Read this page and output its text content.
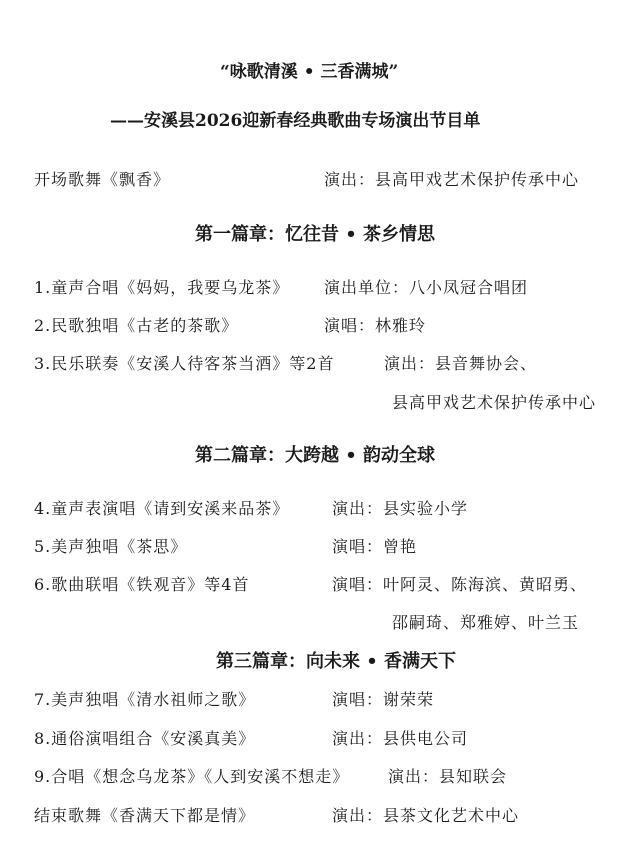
“咏歌清溪 • 三香满城”
——安溪县2026迎新春经典歌曲专场演出节目单
开场歌舞《飘香》	演出：县高甲戏艺术保护传承中心
第一篇章：忆往昔 • 茶乡情思
1.童声合唱《妈妈，我要乌龙茶》 演出单位：八小凤冠合唱团
2.民歌独唱《古老的茶歌》	演唱：林雅玲
3.民乐联奏《安溪人待客茶当酒》等2首	演出：县音舞协会、
县高甲戏艺术保护传承中心
第二篇章：大跨越 • 韵动全球
4.童声表演唱《请到安溪来品茶》	演出：县实验小学
5.美声独唱《茶思》	演唱：曾艳
6.歌曲联唱《铁观音》等4首	演唱：叶阿灵、陈海滨、黄昭勇、
邵嗣琦、郑雅婷、叶兰玉
第三篇章：向未来 • 香满天下
7.美声独唱《清水祖师之歌》	演唱：谢荣荣
8.通俗演唱组合《安溪真美》	演出：县供电公司
9.合唱《想念乌龙茶》《人到安溪不想走》 演出：县知联会
结束歌舞《香满天下都是情》	演出：县茶文化艺术中心
